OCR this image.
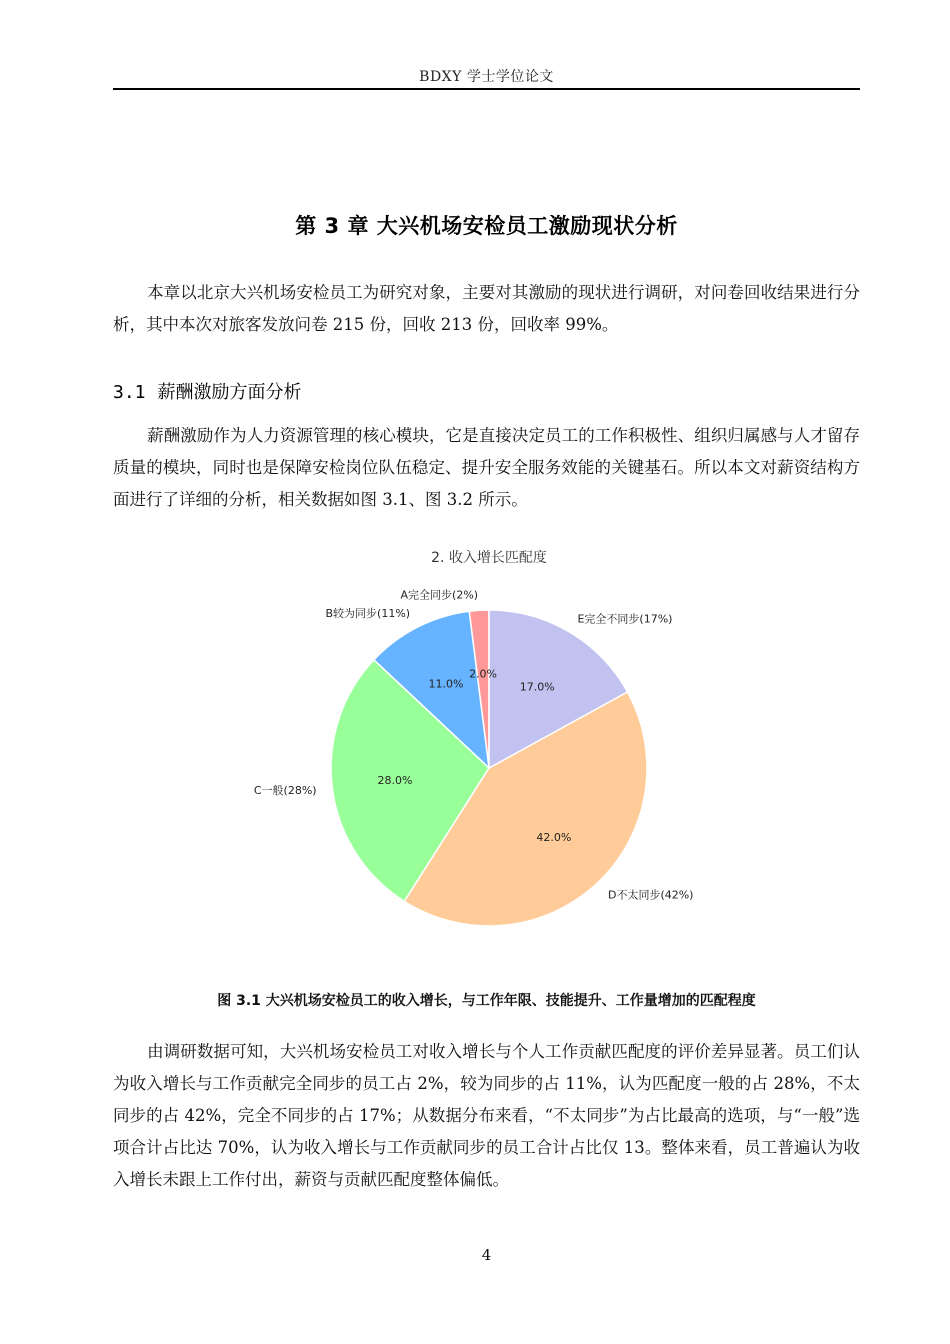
BDXY 学士学位论文
第 3 章 大兴机场安检员工激励现状分析

本章以北京大兴机场安检员工为研究对象，主要对其激励的现状进行调研，对问卷回收结果进行分析，其中本次对旅客发放问卷 215 份，回收 213 份，回收率 99%。

3.1 薪酬激励方面分析

薪酬激励作为人力资源管理的核心模块，它是直接决定员工的工作积极性、组织归属感与人才留存质量的模块，同时也是保障安检岗位队伍稳定、提升安全服务效能的关键基石。所以本文对薪资结构方面进行了详细的分析，相关数据如图 3.1、图 3.2 所示。

2. 收入增长匹配度
2.0%
11.0%
28.0%
42.0%
17.0%
A完全同步(2%)
B较为同步(11%)
C一般(28%)
D不太同步(42%)
E完全不同步(17%)
图 3.1 大兴机场安检员工的收入增长，与工作年限、技能提升、工作量增加的匹配程度

由调研数据可知，大兴机场安检员工对收入增长与个人工作贡献匹配度的评价差异显著。员工们认为收入增长与工作贡献完全同步的员工占 2%，较为同步的占 11%，认为匹配度一般的占 28%，不太同步的占 42%，完全不同步的占 17%；从数据分布来看，“不太同步”为占比最高的选项，与“一般”选项合计占比达 70%，认为收入增长与工作贡献同步的员工合计占比仅 13。整体来看，员工普遍认为收入增长未跟上工作付出，薪资与贡献匹配度整体偏低。

4
